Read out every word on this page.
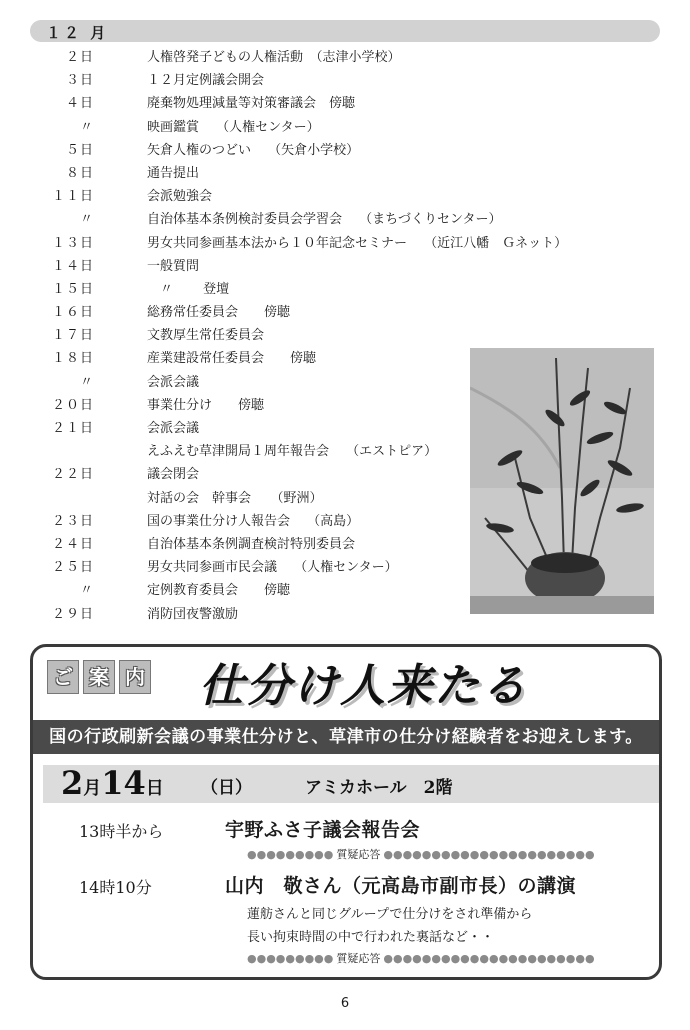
１２ 月
２日	人権啓発子どもの人権活動　（志津小学校）
３日	１２月定例議会開会
４日	廃棄物処理減量等対策審議会　傍聴
〃	映画鑑賞　 （人権センター）
５日	矢倉人権のつどい　 （矢倉小学校）
８日	通告提出
１１日	会派勉強会
〃	自治体基本条例検討委員会学習会　 （まちづくりセンター）
１３日	男女共同参画基本法から１０年記念セミナー　 （近江八幡　Ｇネット）
１４日	一般質問
１５日	　〃　　 登壇
１６日	総務常任委員会　　傍聴
１７日	文教厚生常任委員会
１８日	産業建設常任委員会　　傍聴
〃	会派会議
２０日	事業仕分け　　傍聴
２１日	会派会議
えふえむ草津開局１周年報告会　 （エストピア）
２２日	議会閉会
対話の会　幹事会　　（野洲）
２３日	国の事業仕分け人報告会　 （高島）
２４日	自治体基本条例調査検討特別委員会
２５日	男女共同参画市民会議　 （人権センター）
〃	定例教育委員会　　傍聴
２９日	消防団夜警激励
ご 案 内 仕分け人来たる
国の行政刷新会議の事業仕分けと、草津市の仕分け経験者をお迎えします。
2月14日 （日）	アミカホール　2階
13時半から	宇野ふさ子議会報告会
●●●●●●●●● 質疑応答 ●●●●●●●●●●●●●●●●●●●●●●
14時10分	山内　敬さん（元高島市副市長）の講演
蓮舫さんと同じグループで仕分けをされ準備から
長い拘束時間の中で行われた裏話など・・
●●●●●●●●● 質疑応答 ●●●●●●●●●●●●●●●●●●●●●●
6
